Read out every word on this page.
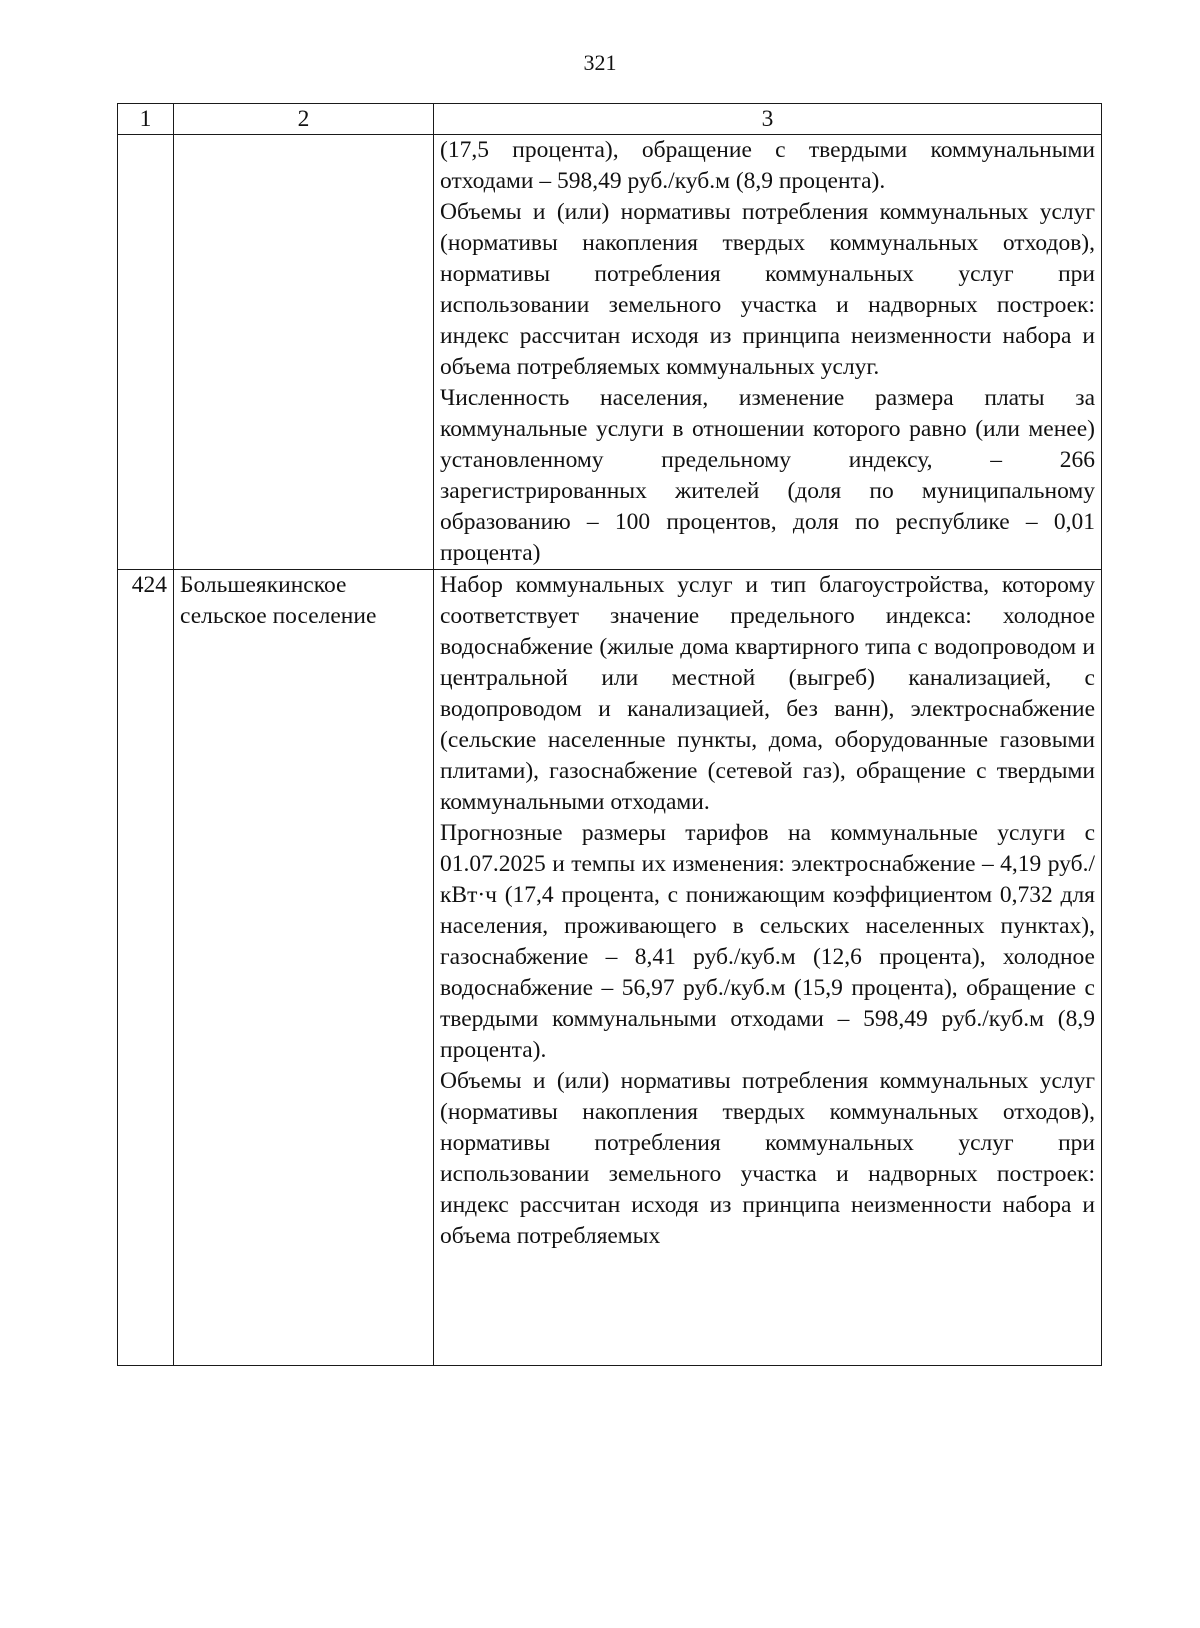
321
1	2	3

		(17,5 процента), обращение с твердыми коммунальными отходами – 598,49 руб./куб.м (8,9 процента).

Объемы и (или) нормативы потребления коммунальных услуг (нормативы накопления твердых коммунальных отходов), нормативы потребления коммунальных услуг при использовании земельного участка и надворных построек: индекс рассчитан исходя из принципа неизменности набора и объема потребляемых коммунальных услуг.

Численность населения, изменение размера платы за коммунальные услуги в отношении которого равно (или менее) установленному предельному индексу, – 266 зарегистрированных жителей (доля по муниципальному образованию – 100 процентов, доля по республике – 0,01 процента)

424	Большеякинское сельское поселение	Набор коммунальных услуг и тип благоустройства, которому соответствует значение предельного индекса: холодное водоснабжение (жилые дома квартирного типа с водопроводом и центральной или местной (выгреб) канализацией, с водопроводом и канализацией, без ванн), электроснабжение (сельские населенные пункты, дома, оборудованные газовыми плитами), газоснабжение (сетевой газ), обращение с твердыми коммунальными отходами.

Прогнозные размеры тарифов на коммунальные услуги с 01.07.2025 и темпы их изменения: электроснабжение – 4,19 руб./кВт·ч (17,4 процента, с понижающим коэффициентом 0,732 для населения, проживающего в сельских населенных пунктах), газоснабжение – 8,41 руб./куб.м (12,6 процента), холодное водоснабжение – 56,97 руб./куб.м (15,9 процента), обращение с твердыми коммунальными отходами – 598,49 руб./куб.м (8,9 процента).

Объемы и (или) нормативы потребления коммунальных услуг (нормативы накопления твердых коммунальных отходов), нормативы потребления коммунальных услуг при использовании земельного участка и надворных построек: индекс рассчитан исходя из принципа неизменности набора и объема потребляемых
